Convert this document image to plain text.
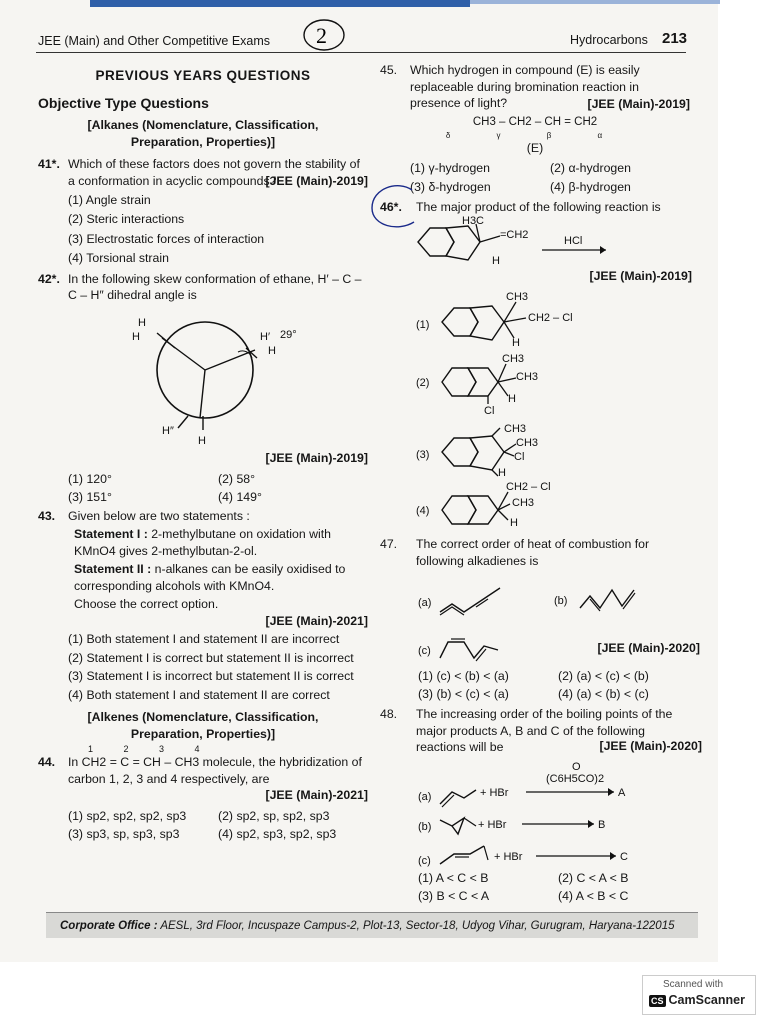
JEE (Main) and Other Competitive Exams 2	Hydrocarbons 213
PREVIOUS YEARS QUESTIONS
Objective Type Questions
[Alkanes (Nomenclature, Classification, Preparation, Properties)]
41*. Which of these factors does not govern the stability of a conformation in acyclic compounds?
[JEE (Main)-2019]
(1) Angle strain
(2) Steric interactions
(3) Electrostatic forces of interaction
(4) Torsional strain
42*. In the following skew conformation of ethane, H′ – C – C – H″ dihedral angle is
H
H	H′ 29°
H
H″
H
[JEE (Main)-2019]
(1) 120°	(2) 58°
(3) 151°	(4) 149°
43.	Given below are two statements :
Statement I : 2-methylbutane on oxidation with KMnO4 gives 2-methylbutan-2-ol.
Statement II : n-alkanes can be easily oxidised to corresponding alcohols with KMnO4.
Choose the correct option.
[JEE (Main)-2021]
(1) Both statement I and statement II are incorrect
(2) Statement I is correct but statement II is incorrect
(3) Statement I is incorrect but statement II is correct
(4) Both statement I and statement II are correct
[Alkenes (Nomenclature, Classification, Preparation, Properties)]
1 2 3 4
44.	In CH2 = C = CH – CH3 molecule, the hybridization of carbon 1, 2, 3 and 4 respectively, are
[JEE (Main)-2021]
(1) sp2, sp2, sp2, sp3	(2) sp2, sp, sp2, sp3
(3) sp3, sp, sp3, sp3	(4) sp2, sp3, sp2, sp3
45.	Which hydrogen in compound (E) is easily replaceable during bromination reaction in presence of light?	[JEE (Main)-2019]
CH3 – CH2 – CH = CH2
δ γ β α
(E)
(1) γ-hydrogen	(2) α-hydrogen
(3) δ-hydrogen	(4) β-hydrogen
46*.	The major product of the following reaction is
H3C
=CH2
H
HCl
[JEE (Main)-2019]
(1)
CH3
CH2 – Cl
H
(2)
CH3
CH3
H
Cl
(3)
CH3
CH3
Cl
H
(4)
CH2 – Cl
CH3
H
47.	The correct order of heat of combustion for following alkadienes is
(a)	(b)
(c)	[JEE (Main)-2020]
(1) (c) < (b) < (a)	(2) (a) < (c) < (b)
(3) (b) < (c) < (a)	(4) (a) < (b) < (c)
48.	The increasing order of the boiling points of the major products A, B and C of the following reactions will be	[JEE (Main)-2020]
(a)	+ HBr
O
(C6H5CO)2
A
(b)	+ HBr	B
(c)	+ HBr	C
(1) A < C < B	(2) C < A < B
(3) B < C < A	(4) A < B < C
Corporate Office : AESL, 3rd Floor, Incuspaze Campus-2, Plot-13, Sector-18, Udyog Vihar, Gurugram, Haryana-122015
Scanned with
CS CamScanner
